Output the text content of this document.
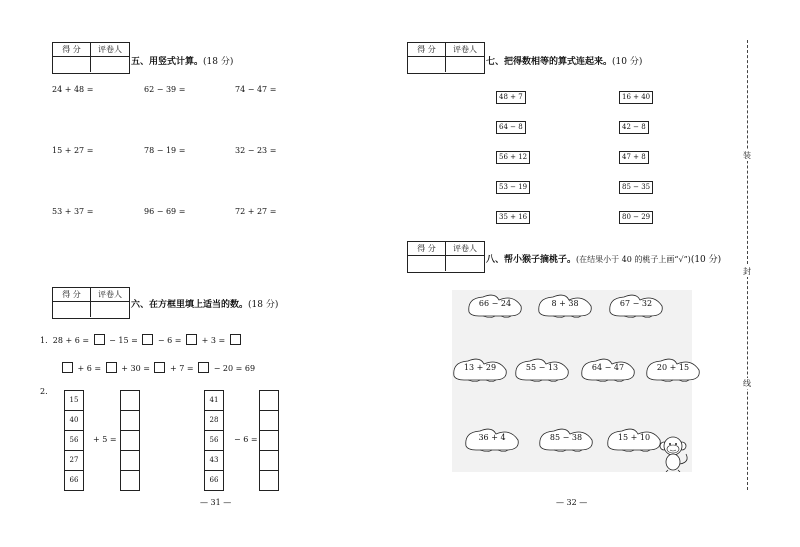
得 分	评卷人
五、用竖式计算。(18 分)
24 + 48 =	62 − 39 =	74 − 47 =
15 + 27 =	78 − 19 =	32 − 23 =
53 + 37 =	96 − 69 =	72 + 27 =
得 分	评卷人
六、在方框里填上适当的数。(18 分)
1. 28 + 6 =	− 15 =	− 6 =	+ 3 =
+ 6 =	+ 30 =	+ 7 =	− 20 = 69
2.
15
40
56
27
66
+ 5 =
41
28
56
43
66
− 6 =
— 31 —
得 分	评卷人
七、把得数相等的算式连起来。(10 分)
48 + 7
64 − 8
56 + 12
53 − 19
35 + 16
16 + 40
42 − 8
47 + 8
85 − 35
80 − 29
得 分	评卷人
八、帮小猴子摘桃子。(在结果小于 40 的桃子上画“√”)(10 分)
66 − 24	8 + 38	67 − 32
13 + 29	55 − 13	64 − 47	20 + 15
36 + 4	85 − 38	15 + 10
— 32 —
装
封
线
